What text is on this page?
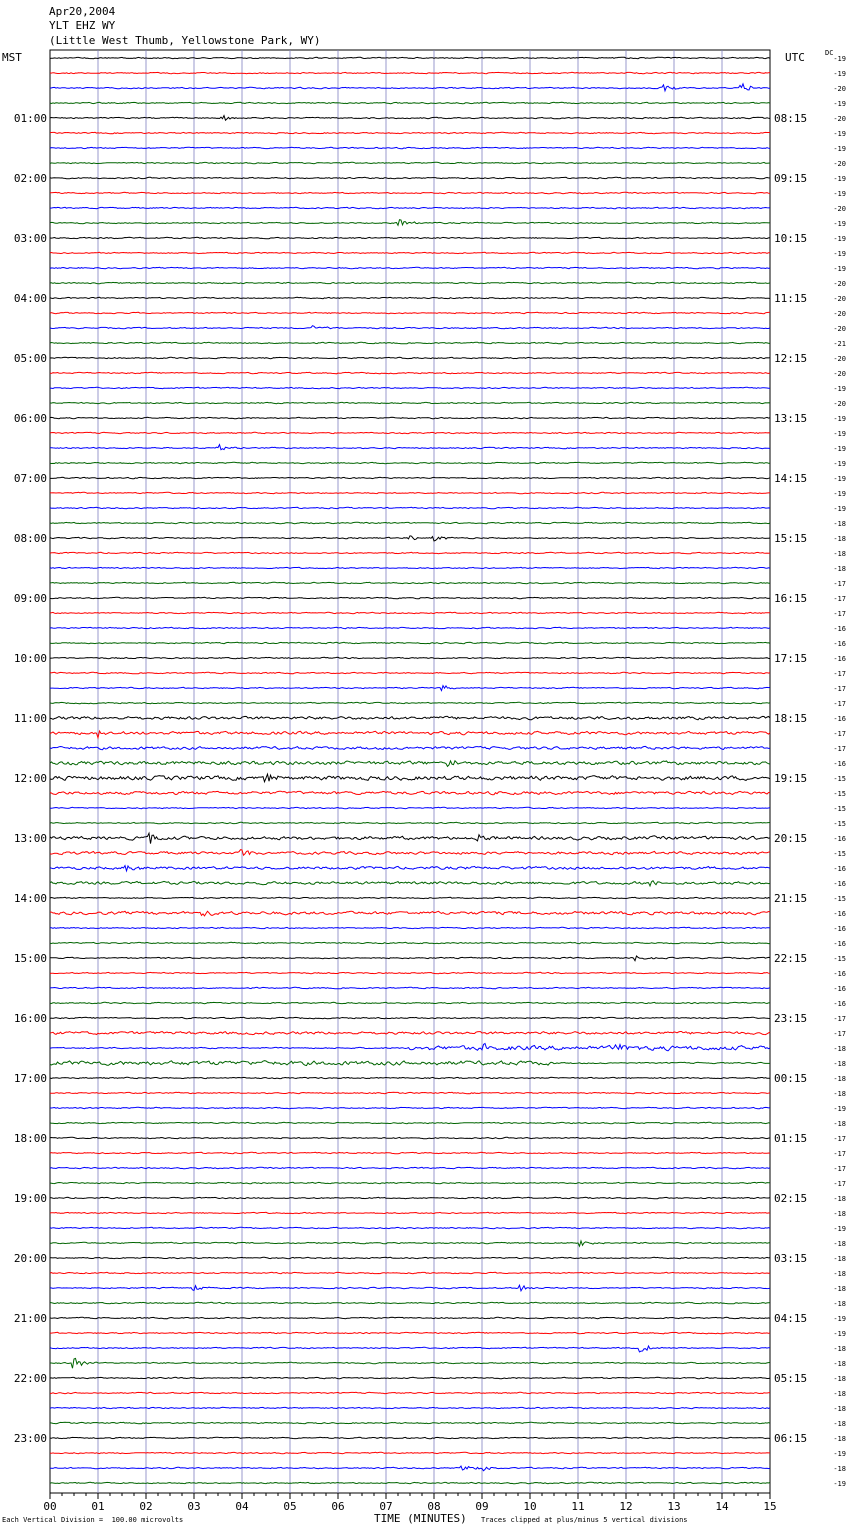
Apr20,2004
YLT EHZ WY
(Little West Thumb, Yellowstone Park, WY)
MST	UTC	DC
00	01	02	03	04	05	06	07	08	09	10	11	12	13	14	15
01:00
02:00
03:00
04:00
05:00
06:00
07:00
08:00
09:00
10:00
11:00
12:00
13:00
14:00
15:00
16:00
17:00
18:00
19:00
20:00
21:00
22:00
23:00
08:15
09:15
10:15
11:15
12:15
13:15
14:15
15:15
16:15
17:15
18:15
19:15
20:15
21:15
22:15
23:15
00:15
01:15
02:15
03:15
04:15
05:15
06:15
-19
-19
-20
-19
-20
-19
-19
-20
-19
-19
-20
-19
-19
-19
-19
-20
-20
-20
-20
-21
-20
-20
-19
-20
-19
-19
-19
-19
-19
-19
-19
-18
-18
-18
-18
-17
-17
-17
-16
-16
-16
-17
-17
-17
-16
-17
-17
-16
-15
-15
-15
-15
-16
-15
-16
-16
-15
-16
-16
-16
-15
-16
-16
-16
-17
-17
-18
-18
-18
-18
-19
-18
-17
-17
-17
-17
-18
-18
-19
-18
-18
-18
-18
-18
-19
-19
-18
-18
-18
-18
-18
-18
-18
-19
-18
-19
TIME (MINUTES)
Each Vertical Division =  100.00 microvolts	Traces clipped at plus/minus 5 vertical divisions
